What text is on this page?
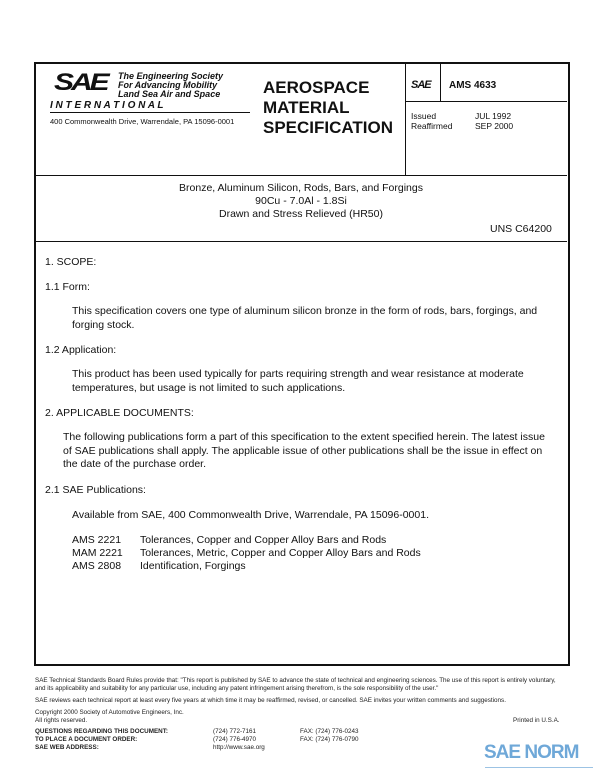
SAE The Engineering Society
For Advancing Mobility
Land Sea Air and Space
I N T E R N A T I O N A L
400 Commonwealth Drive, Warrendale, PA 15096-0001
AEROSPACE
MATERIAL
SPECIFICATION
SAE AMS 4633
Issued	JUL 1992
Reaffirmed	SEP 2000
Bronze, Aluminum Silicon, Rods, Bars, and Forgings
90Cu - 7.0Al - 1.8Si
Drawn and Stress Relieved (HR50)
UNS C64200
1. SCOPE:
1.1 Form:
This specification covers one type of aluminum silicon bronze in the form of rods, bars, forgings, and forging stock.
1.2 Application:
This product has been used typically for parts requiring strength and wear resistance at moderate temperatures, but usage is not limited to such applications.
2. APPLICABLE DOCUMENTS:
The following publications form a part of this specification to the extent specified herein. The latest issue of SAE publications shall apply. The applicable issue of other publications shall be the issue in effect on the date of the purchase order.
2.1 SAE Publications:
Available from SAE, 400 Commonwealth Drive, Warrendale, PA 15096-0001.
AMS 2221 Tolerances, Copper and Copper Alloy Bars and Rods
MAM 2221 Tolerances, Metric, Copper and Copper Alloy Bars and Rods
AMS 2808 Identification, Forgings
SAE Technical Standards Board Rules provide that: "This report is published by SAE to advance the state of technical and engineering sciences. The use of this report is entirely voluntary, and its applicability and suitability for any particular use, including any patent infringement arising therefrom, is the sole responsibility of the user."
SAE reviews each technical report at least every five years at which time it may be reaffirmed, revised, or cancelled. SAE invites your written comments and suggestions.
Copyright 2000 Society of Automotive Engineers, Inc.
All rights reserved.	Printed in U.S.A.
QUESTIONS REGARDING THIS DOCUMENT:	(724) 772-7161	FAX: (724) 776-0243
TO PLACE A DOCUMENT ORDER:	(724) 776-4970	FAX: (724) 776-0790
SAE WEB ADDRESS:	http://www.sae.org	SAE NORM
